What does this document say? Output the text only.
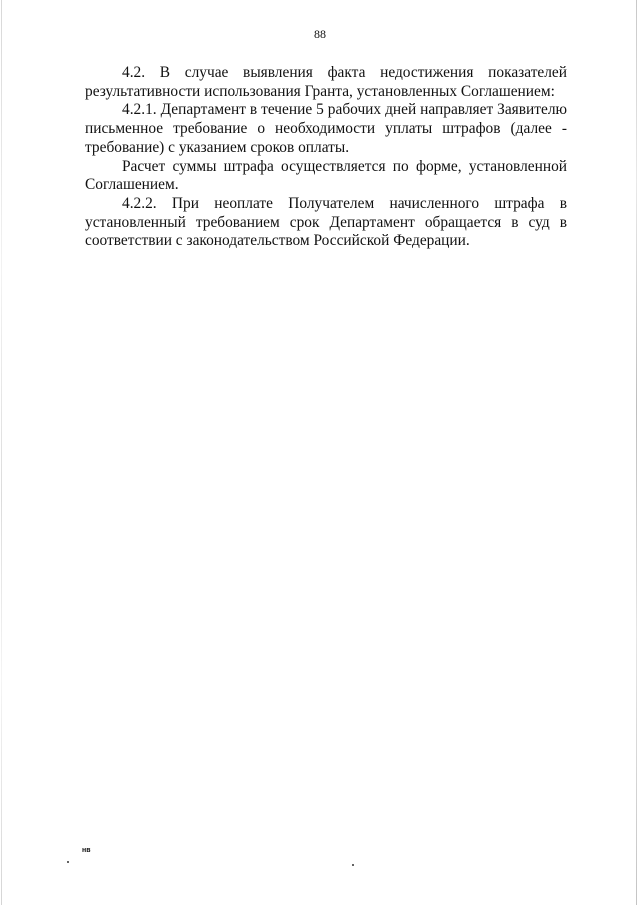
88

4.2. В случае выявления факта недостижения показателей результативности использования Гранта, установленных Соглашением:

4.2.1. Департамент в течение 5 рабочих дней направляет Заявителю письменное требование о необходимости уплаты штрафов (далее - требование) с указанием сроков оплаты.

Расчет суммы штрафа осуществляется по форме, установленной Соглашением.

4.2.2. При неоплате Получателем начисленного штрафа в установленный требованием срок Департамент обращается в суд в соответствии с законодательством Российской Федерации.

нв
